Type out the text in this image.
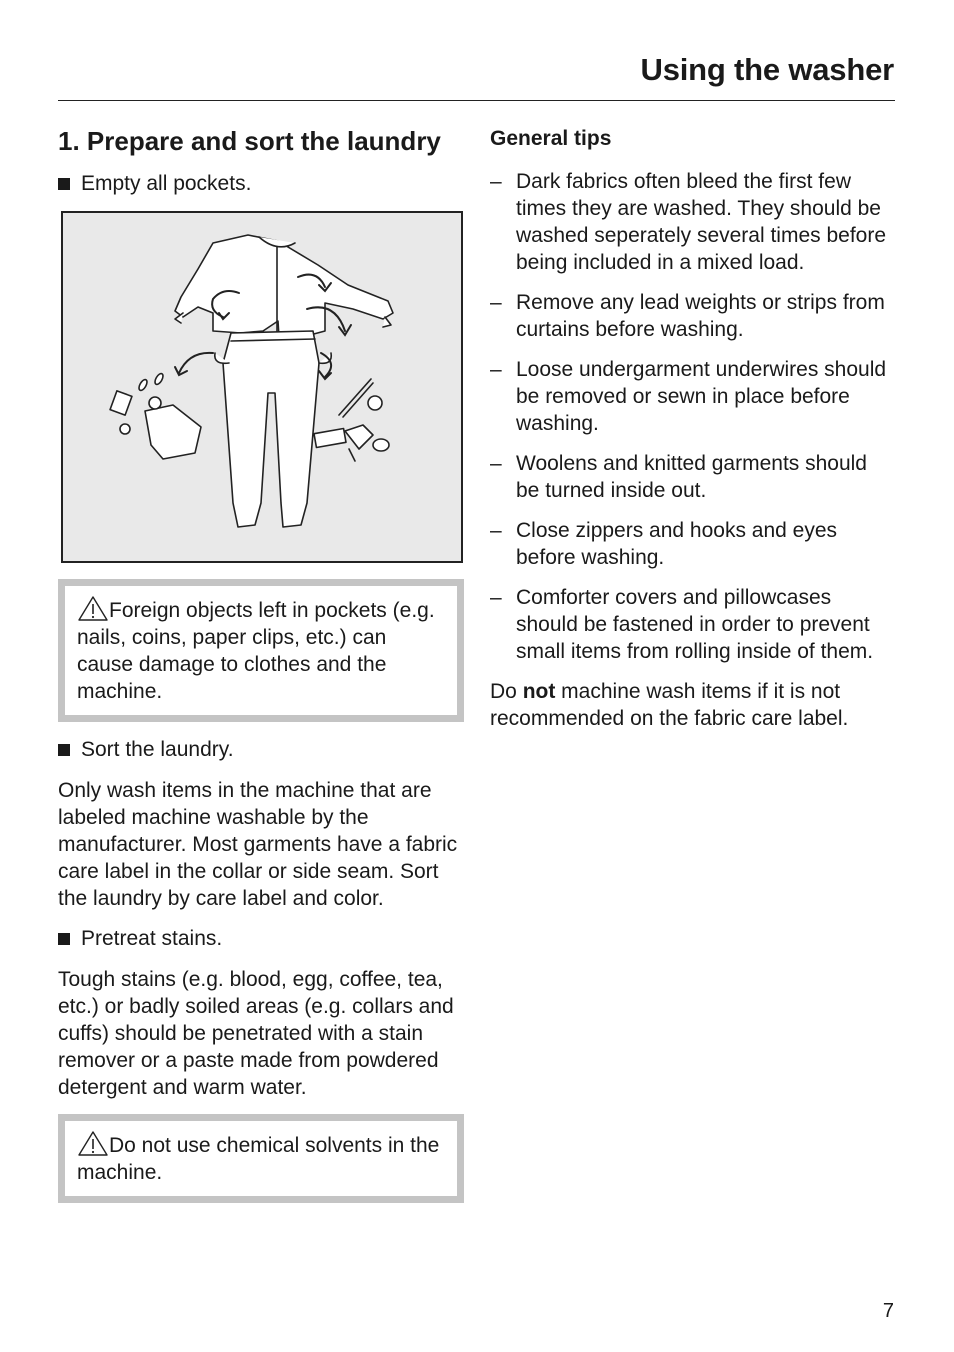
Using the washer
1. Prepare and sort the laundry
Empty all pockets.
Foreign objects left in pockets (e.g. nails, coins, paper clips, etc.) can cause damage to clothes and the machine.
Sort the laundry.
Only wash items in the machine that are labeled machine washable by the manufacturer. Most garments have a fabric care label in the collar or side seam. Sort the laundry by care label and color.
Pretreat stains.
Tough stains (e.g. blood, egg, coffee, tea, etc.) or badly soiled areas (e.g. collars and cuffs) should be penetrated with a stain remover or a paste made from powdered detergent and warm water.
Do not use chemical solvents in the machine.
General tips
– Dark fabrics often bleed the first few times they are washed. They should be washed seperately several times before being included in a mixed load.
– Remove any lead weights or strips from curtains before washing.
– Loose undergarment underwires should be removed or sewn in place before washing.
– Woolens and knitted garments should be turned inside out.
– Close zippers and hooks and eyes before washing.
– Comforter covers and pillowcases should be fastened in order to prevent small items from rolling inside of them.
Do not machine wash items if it is not recommended on the fabric care label.
7
